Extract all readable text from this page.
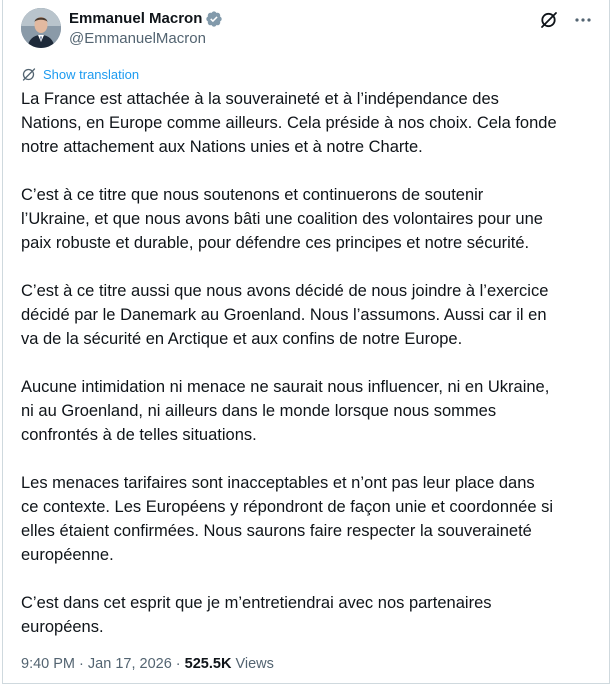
Emmanuel Macron
@EmmanuelMacron
Show translation

La France est attachée à la souveraineté et à l’indépendance des
Nations, en Europe comme ailleurs. Cela préside à nos choix. Cela fonde
notre attachement aux Nations unies et à notre Charte.

C’est à ce titre que nous soutenons et continuerons de soutenir
l’Ukraine, et que nous avons bâti une coalition des volontaires pour une
paix robuste et durable, pour défendre ces principes et notre sécurité.

C’est à ce titre aussi que nous avons décidé de nous joindre à l’exercice
décidé par le Danemark au Groenland. Nous l’assumons. Aussi car il en
va de la sécurité en Arctique et aux confins de notre Europe.

Aucune intimidation ni menace ne saurait nous influencer, ni en Ukraine,
ni au Groenland, ni ailleurs dans le monde lorsque nous sommes
confrontés à de telles situations.

Les menaces tarifaires sont inacceptables et n’ont pas leur place dans
ce contexte. Les Européens y répondront de façon unie et coordonnée si
elles étaient confirmées. Nous saurons faire respecter la souveraineté
européenne.

C’est dans cet esprit que je m’entretiendrai avec nos partenaires
européens.

9:40 PM · Jan 17, 2026 · 525.5K Views
